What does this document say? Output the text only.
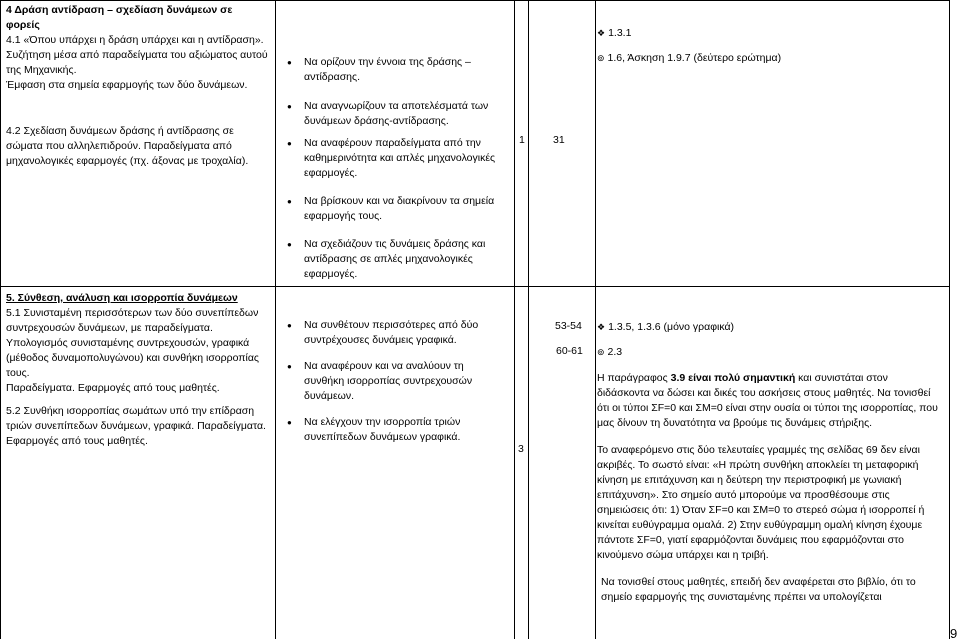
4 Δράση αντίδραση – σχεδίαση δυνάμεων σε φορείς

4.1 «Όπου υπάρχει η δράση υπάρχει και η αντίδραση».

Συζήτηση μέσα από παραδείγματα του αξιώματος αυτού της Μηχανικής.

Έμφαση στα σημεία εφαρμογής των δύο δυνάμεων.

4.2 Σχεδίαση δυνάμεων δράσης ή αντίδρασης σε σώματα που αλληλεπιδρούν. Παραδείγματα από μηχανολογικές εφαρμογές (πχ. άξονας με τροχαλία).

● Να ορίζουν την έννοια της δράσης – αντίδρασης.
● Να αναγνωρίζουν τα αποτελέσματά των δυνάμεων δράσης-αντίδρασης.
● Να αναφέρουν παραδείγματα από την καθημερινότητα και απλές μηχανολογικές εφαρμογές.
● Να βρίσκουν και να διακρίνουν τα σημεία εφαρμογής τους.
● Να σχεδιάζουν τις δυνάμεις δράσης και αντίδρασης σε απλές μηχανολογικές εφαρμογές.
1	31

❖ 1.3.1

⊚ 1.6, Άσκηση 1.9.7 (δεύτερο ερώτημα)

5. Σύνθεση, ανάλυση και ισορροπία δυνάμεων

5.1 Συνισταμένη περισσότερων των δύο συνεπίπεδων συντρεχουσών δυνάμεων, με παραδείγματα. Υπολογισμός συνισταμένης συντρεχουσών, γραφικά (μέθοδος δυναμοπολυγώνου) και συνθήκη ισορροπίας τους.

Παραδείγματα. Εφαρμογές από τους μαθητές.

5.2 Συνθήκη ισορροπίας σωμάτων υπό την επίδραση τριών συνεπίπεδων δυνάμεων, γραφικά. Παραδείγματα. Εφαρμογές από τους μαθητές.

● Να συνθέτουν περισσότερες από δύο συντρέχουσες δυνάμεις γραφικά.
● Να αναφέρουν και να αναλύουν τη συνθήκη ισορροπίας συντρεχουσών δυνάμεων.
● Να ελέγχουν την ισορροπία τριών συνεπίπεδων δυνάμεων γραφικά.
3
53-54
60-61

❖ 1.3.5, 1.3.6 (μόνο γραφικά)

⊚ 2.3

Η παράγραφος 3.9 είναι πολύ σημαντική και συνιστάται στον διδάσκοντα να δώσει και δικές του ασκήσεις στους μαθητές. Να τονισθεί ότι οι τύποι ΣF=0 και ΣM=0 είναι στην ουσία οι τύποι της ισορροπίας, που μας δίνουν τη δυνατότητα να βρούμε τις δυνάμεις στήριξης.

Το αναφερόμενο στις δύο τελευταίες γραμμές της σελίδας 69 δεν είναι ακριβές. Το σωστό είναι: «Η πρώτη συνθήκη αποκλείει τη μεταφορική κίνηση με επιτάχυνση και η δεύτερη την περιστροφική με γωνιακή επιτάχυνση». Στο σημείο αυτό μπορούμε να προσθέσουμε στις σημειώσεις ότι: 1) Όταν ΣF=0 και ΣM=0 το στερεό σώμα ή ισορροπεί ή κινείται ευθύγραμμα ομαλά. 2) Στην ευθύγραμμη ομαλή κίνηση έχουμε πάντοτε ΣF=0, γιατί εφαρμόζονται δυνάμεις που εφαρμόζονται στο κινούμενο σώμα υπάρχει και η τριβή.

Να τονισθεί στους μαθητές, επειδή δεν αναφέρεται στο βιβλίο, ότι το σημείο εφαρμογής της συνισταμένης πρέπει να υπολογίζεται

9
